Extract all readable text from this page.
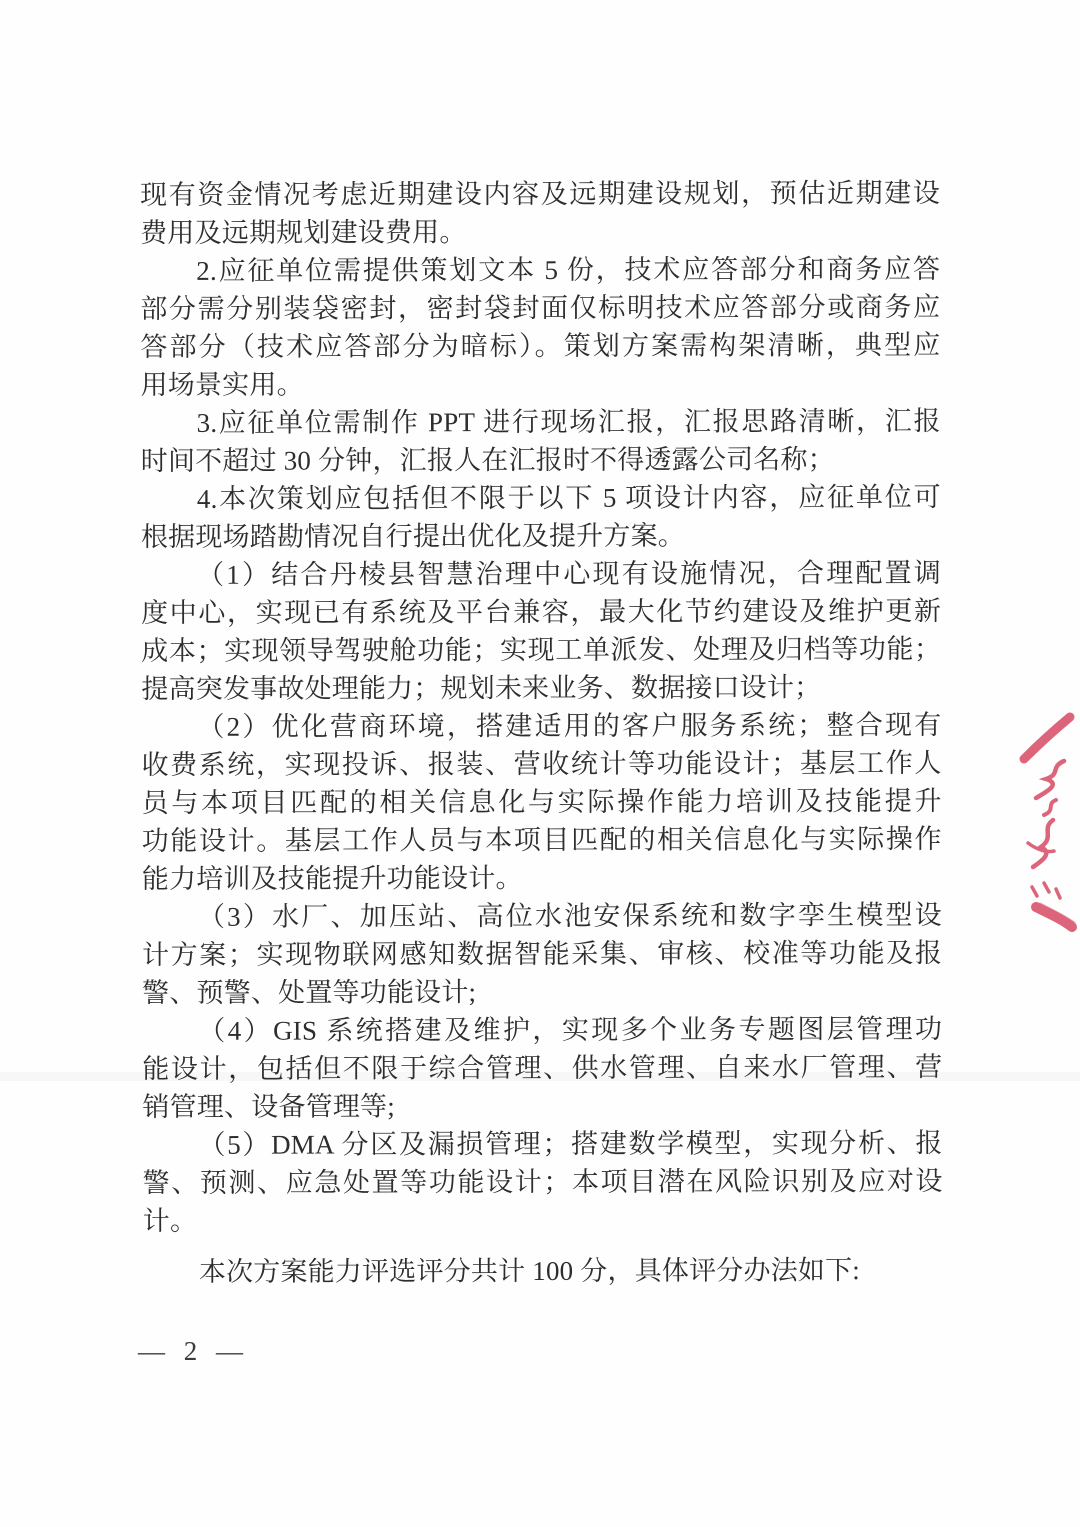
现有资金情况考虑近期建设内容及远期建设规划，预估近期建设
费用及远期规划建设费用。

2.应征单位需提供策划文本 5 份，技术应答部分和商务应答
部分需分别装袋密封，密封袋封面仅标明技术应答部分或商务应
答部分（技术应答部分为暗标）。策划方案需构架清晰，典型应
用场景实用。

3.应征单位需制作 PPT 进行现场汇报，汇报思路清晰，汇报
时间不超过 30 分钟，汇报人在汇报时不得透露公司名称；

4.本次策划应包括但不限于以下 5 项设计内容，应征单位可
根据现场踏勘情况自行提出优化及提升方案。

（1）结合丹棱县智慧治理中心现有设施情况，合理配置调
度中心，实现已有系统及平台兼容，最大化节约建设及维护更新
成本；实现领导驾驶舱功能；实现工单派发、处理及归档等功能；
提高突发事故处理能力；规划未来业务、数据接口设计；

（2）优化营商环境，搭建适用的客户服务系统；整合现有
收费系统，实现投诉、报装、营收统计等功能设计；基层工作人
员与本项目匹配的相关信息化与实际操作能力培训及技能提升
功能设计。基层工作人员与本项目匹配的相关信息化与实际操作
能力培训及技能提升功能设计。

（3）水厂、加压站、高位水池安保系统和数字孪生模型设
计方案；实现物联网感知数据智能采集、审核、校准等功能及报
警、预警、处置等功能设计;

（4）GIS 系统搭建及维护，实现多个业务专题图层管理功
能设计，包括但不限于综合管理、供水管理、自来水厂管理、营
销管理、设备管理等;

（5）DMA 分区及漏损管理；搭建数学模型，实现分析、报
警、预测、应急处置等功能设计；本项目潜在风险识别及应对设
计。

本次方案能力评选评分共计 100 分，具体评分办法如下:

— 2 —
